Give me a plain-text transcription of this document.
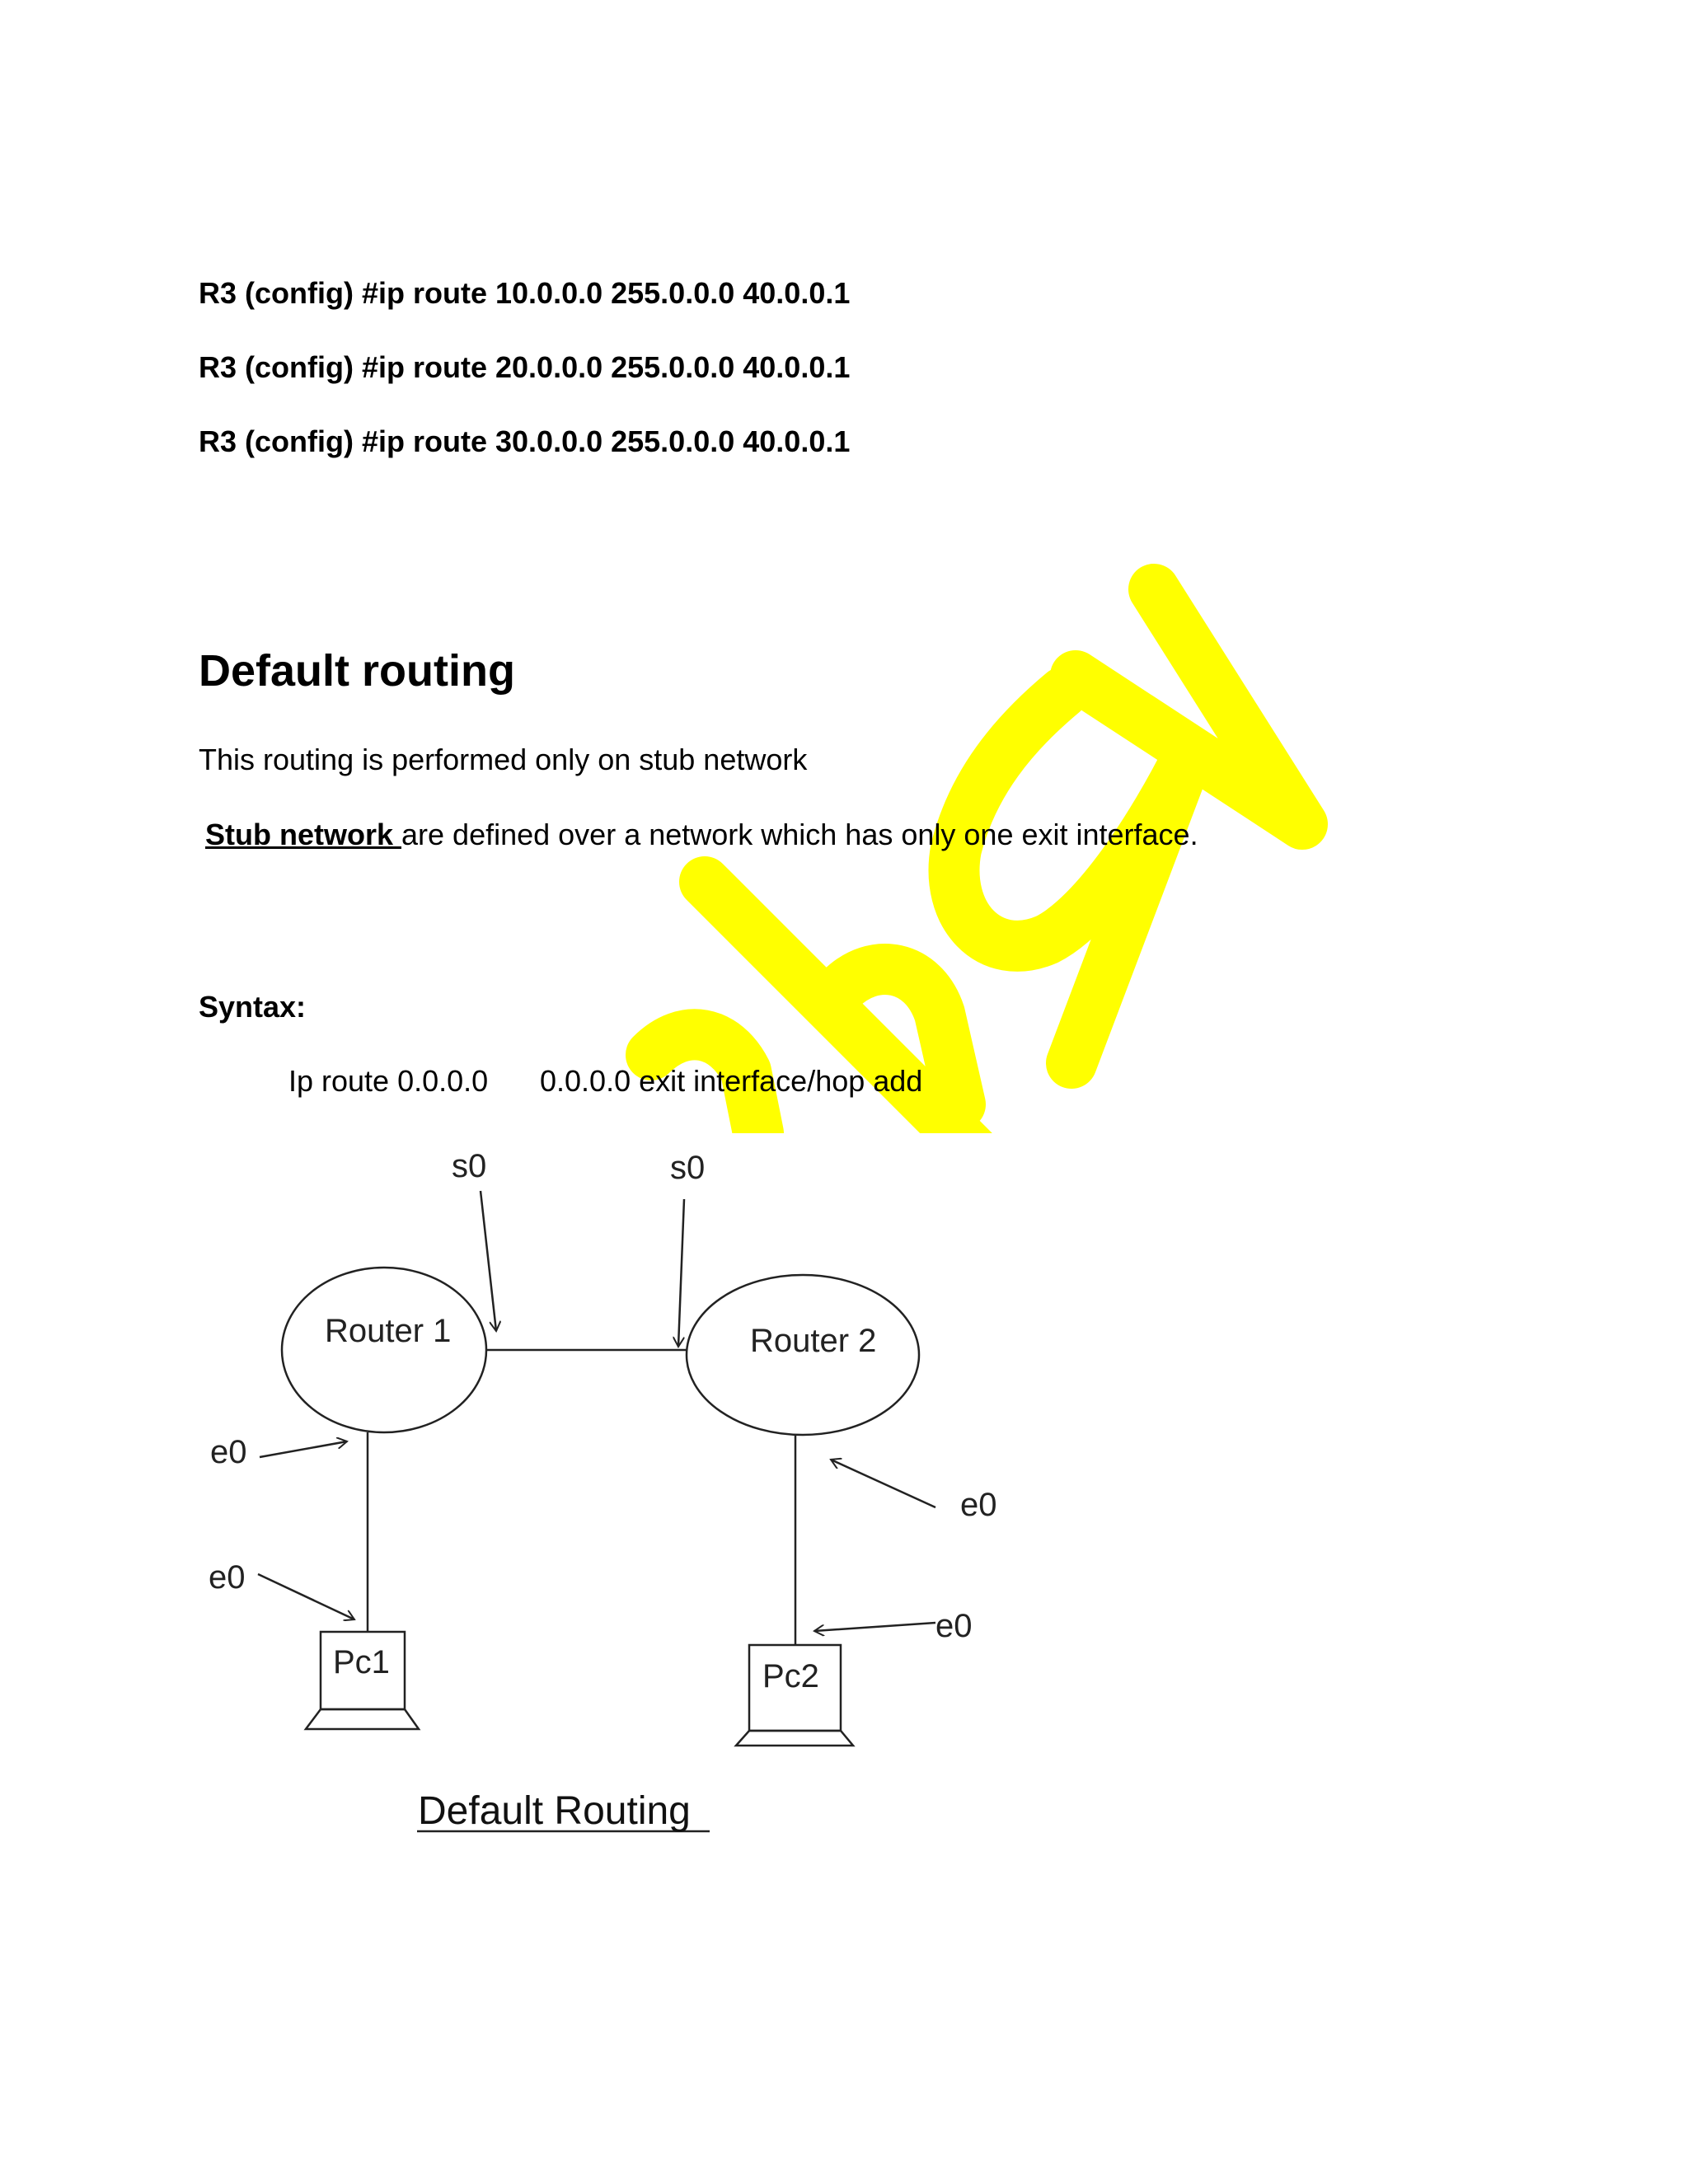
R3 (config) #ip route 10.0.0.0 255.0.0.0 40.0.0.1
R3 (config) #ip route 20.0.0.0 255.0.0.0 40.0.0.1
R3 (config) #ip route 30.0.0.0 255.0.0.0 40.0.0.1
Default routing
This routing is performed only on stub network
Stub network are defined over a network which has only one exit interface.
Syntax:
Ip route 0.0.0.0 0.0.0.0 exit interface/hop add
Router 1	Router 2
Pc1	Pc2
s0	s0
e0
e0
e0
e0
Default Routing
